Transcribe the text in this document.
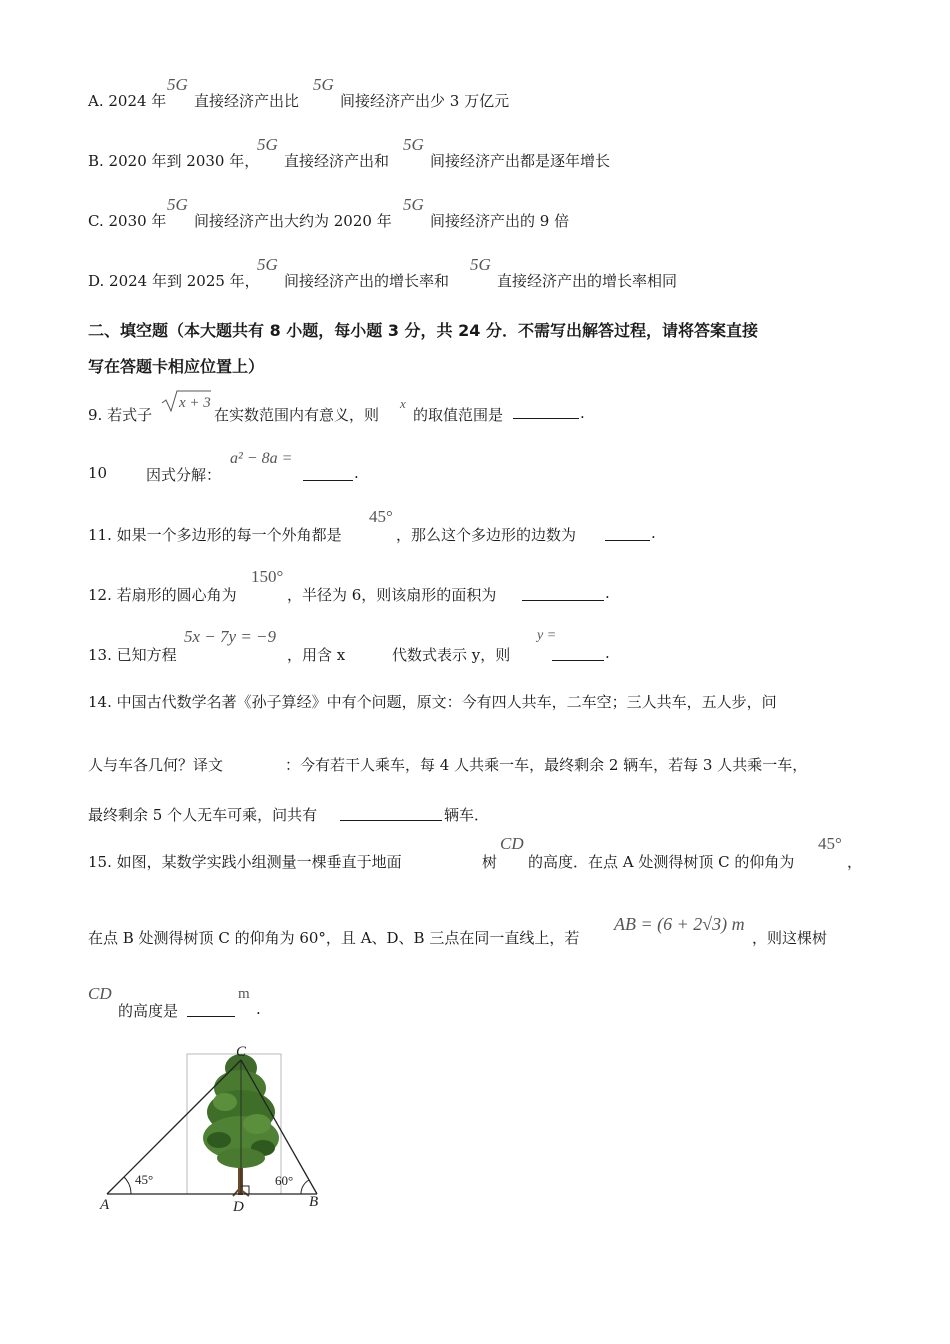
A. 2024 年
5G
直接经济产出比
5G
间接经济产出少 3 万亿元
B. 2020 年到 2030 年，
5G
直接经济产出和
5G
间接经济产出都是逐年增长
C. 2030 年
5G
间接经济产出大约为 2020 年
5G
间接经济产出的 9 倍
D. 2024 年到 2025 年，
5G
间接经济产出的增长率和
5G
直接经济产出的增长率相同
二、填空题（本大题共有 8 小题，每小题 3 分，共 24 分．不需写出解答过程，请将答案直接
写在答题卡相应位置上）
9. 若式子
x + 3
在实数范围内有意义，则
x
的取值范围是	.
10	因式分解：
a² − 8a =
.
11. 如果一个多边形的每一个外角都是
45°
，那么这个多边形的边数为	.
12. 若扇形的圆心角为
150°
，半径为 6，则该扇形的面积为	.
13. 已知方程
5x − 7y = −9
，用含 x	代数式表示 y，则
y =
.
14. 中国古代数学名著《孙子算经》中有个问题，原文：今有四人共车，二车空；三人共车，五人步，问
人与车各几何？译文	：今有若干人乘车，每 4 人共乘一车，最终剩余 2 辆车，若每 3 人共乘一车，
最终剩余 5 个人无车可乘，问共有	辆车．
15. 如图，某数学实践小组测量一棵垂直于地面	树
CD
的高度．在点 A 处测得树顶 C 的仰角为
45°
，
在点 B 处测得树顶 C 的仰角为 60°，且 A、D、B 三点在同一直线上，若
AB = (6 + 2√3) m
，则这棵树
CD
的高度是
m
.
C
A	D	B
45°	60°
